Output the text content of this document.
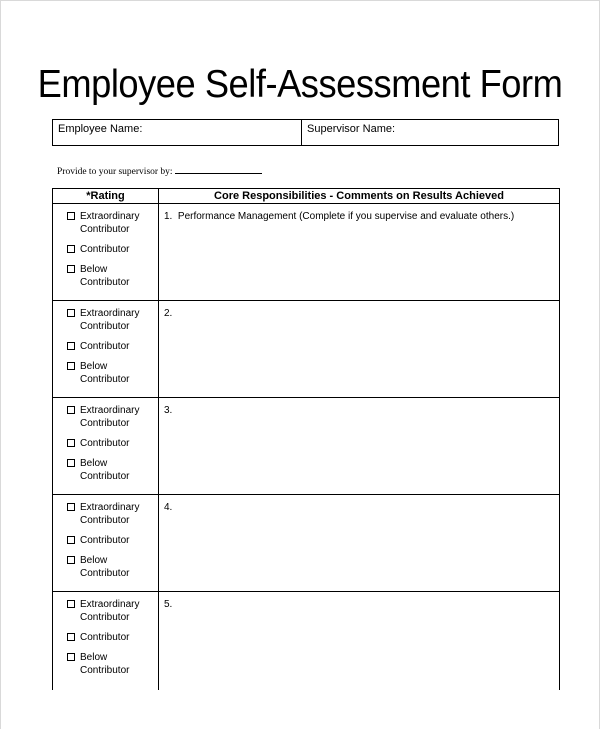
Employee Self-Assessment Form
Employee Name:	Supervisor Name:
Provide to your supervisor by:
*Rating	Core Responsibilities - Comments on Results Achieved

Extraordinary Contributor
Contributor
Below Contributor	1. Performance Management (Complete if you supervise and evaluate others.)

Extraordinary Contributor
Contributor
Below Contributor	2.

Extraordinary Contributor
Contributor
Below Contributor	3.

Extraordinary Contributor
Contributor
Below Contributor	4.

Extraordinary Contributor
Contributor
Below Contributor	5.
